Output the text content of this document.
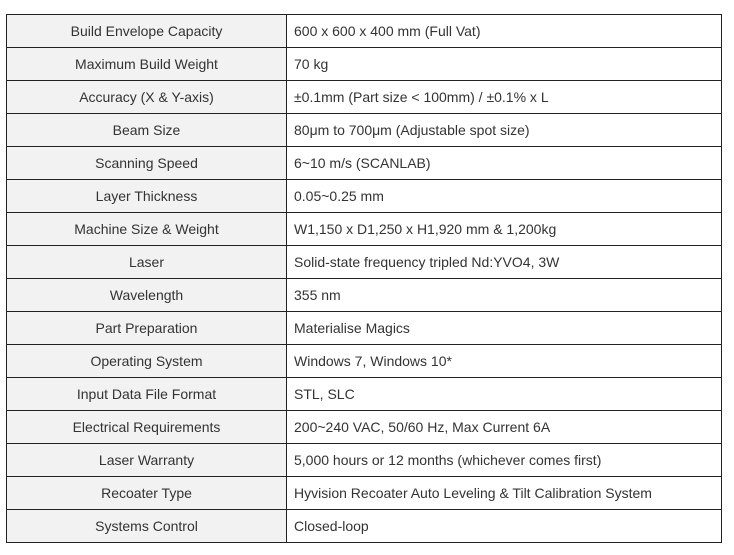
Build Envelope Capacity	600 x 600 x 400 mm (Full Vat)
Maximum Build Weight	70 kg
Accuracy (X & Y-axis)	±0.1mm (Part size < 100mm) / ±0.1% x L
Beam Size	80μm to 700μm (Adjustable spot size)
Scanning Speed	6~10 m/s (SCANLAB)
Layer Thickness	0.05~0.25 mm
Machine Size & Weight	W1,150 x D1,250 x H1,920 mm & 1,200kg
Laser	Solid-state frequency tripled Nd:YVO4, 3W
Wavelength	355 nm
Part Preparation	Materialise Magics
Operating System	Windows 7, Windows 10*
Input Data File Format	STL, SLC
Electrical Requirements	200~240 VAC, 50/60 Hz, Max Current 6A
Laser Warranty	5,000 hours or 12 months (whichever comes first)
Recoater Type	Hyvision Recoater Auto Leveling & Tilt Calibration System
Systems Control	Closed-loop
